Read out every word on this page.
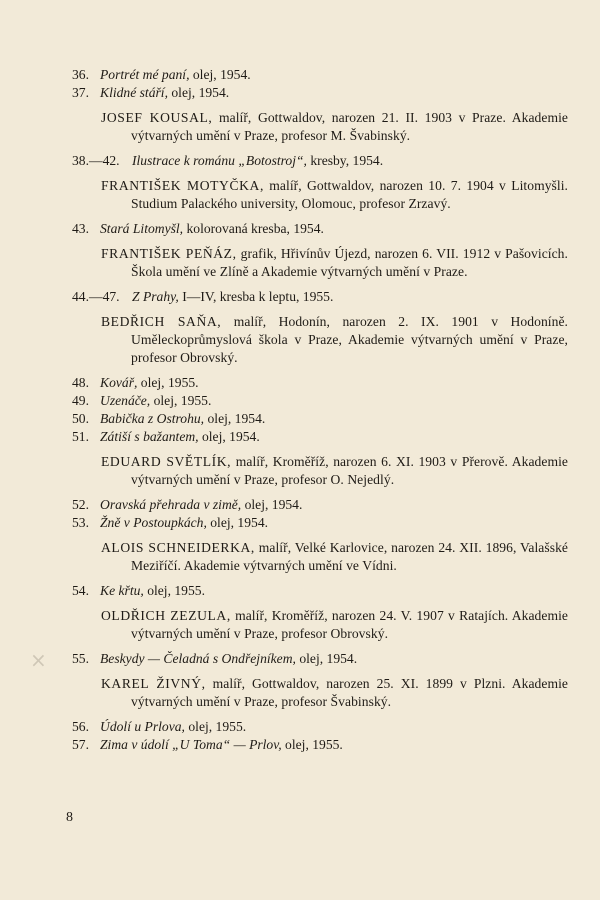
36. Portrét mé paní, olej, 1954.
37. Klidné stáří, olej, 1954.
JOSEF KOUSAL, malíř, Gottwaldov, narozen 21. II. 1903 v Praze. Akademie výtvarných umění v Praze, profesor M. Švabinský.
38.—42. Ilustrace k románu „Botostroj“, kresby, 1954.
FRANTIŠEK MOTYČKA, malíř, Gottwaldov, narozen 10. 7. 1904 v Litomyšli. Studium Palackého university, Olomouc, profesor Zrzavý.
43. Stará Litomyšl, kolorovaná kresba, 1954.
FRANTIŠEK PEŇÁZ, grafik, Hřivínův Újezd, narozen 6. VII. 1912 v Pašovicích. Škola umění ve Zlíně a Akademie výtvarných umění v Praze.
44.—47. Z Prahy, I—IV, kresba k leptu, 1955.
BEDŘICH SAŇA, malíř, Hodonín, narozen 2. IX. 1901 v Hodoníně. Uměleckoprůmyslová škola v Praze, Akademie výtvarných umění v Praze, profesor Obrovský.
48. Kovář, olej, 1955.
49. Uzenáče, olej, 1955.
50. Babička z Ostrohu, olej, 1954.
51. Zátiší s bažantem, olej, 1954.
EDUARD SVĚTLÍK, malíř, Kroměříž, narozen 6. XI. 1903 v Přerově. Akademie výtvarných umění v Praze, profesor O. Nejedlý.
52. Oravská přehrada v zimě, olej, 1954.
53. Žně v Postoupkách, olej, 1954.
ALOIS SCHNEIDERKA, malíř, Velké Karlovice, narozen 24. XII. 1896, Valašské Meziříčí. Akademie výtvarných umění ve Vídni.
54. Ke křtu, olej, 1955.
OLDŘICH ZEZULA, malíř, Kroměříž, narozen 24. V. 1907 v Ratajích. Akademie výtvarných umění v Praze, profesor Obrovský.
55. Beskydy — Čeladná s Ondřejníkem, olej, 1954.
KAREL ŽIVNÝ, malíř, Gottwaldov, narozen 25. XI. 1899 v Plzni. Akademie výtvarných umění v Praze, profesor Švabinský.
56. Údolí u Prlova, olej, 1955.
57. Zima v údolí „U Toma“ — Prlov, olej, 1955.
×
8
